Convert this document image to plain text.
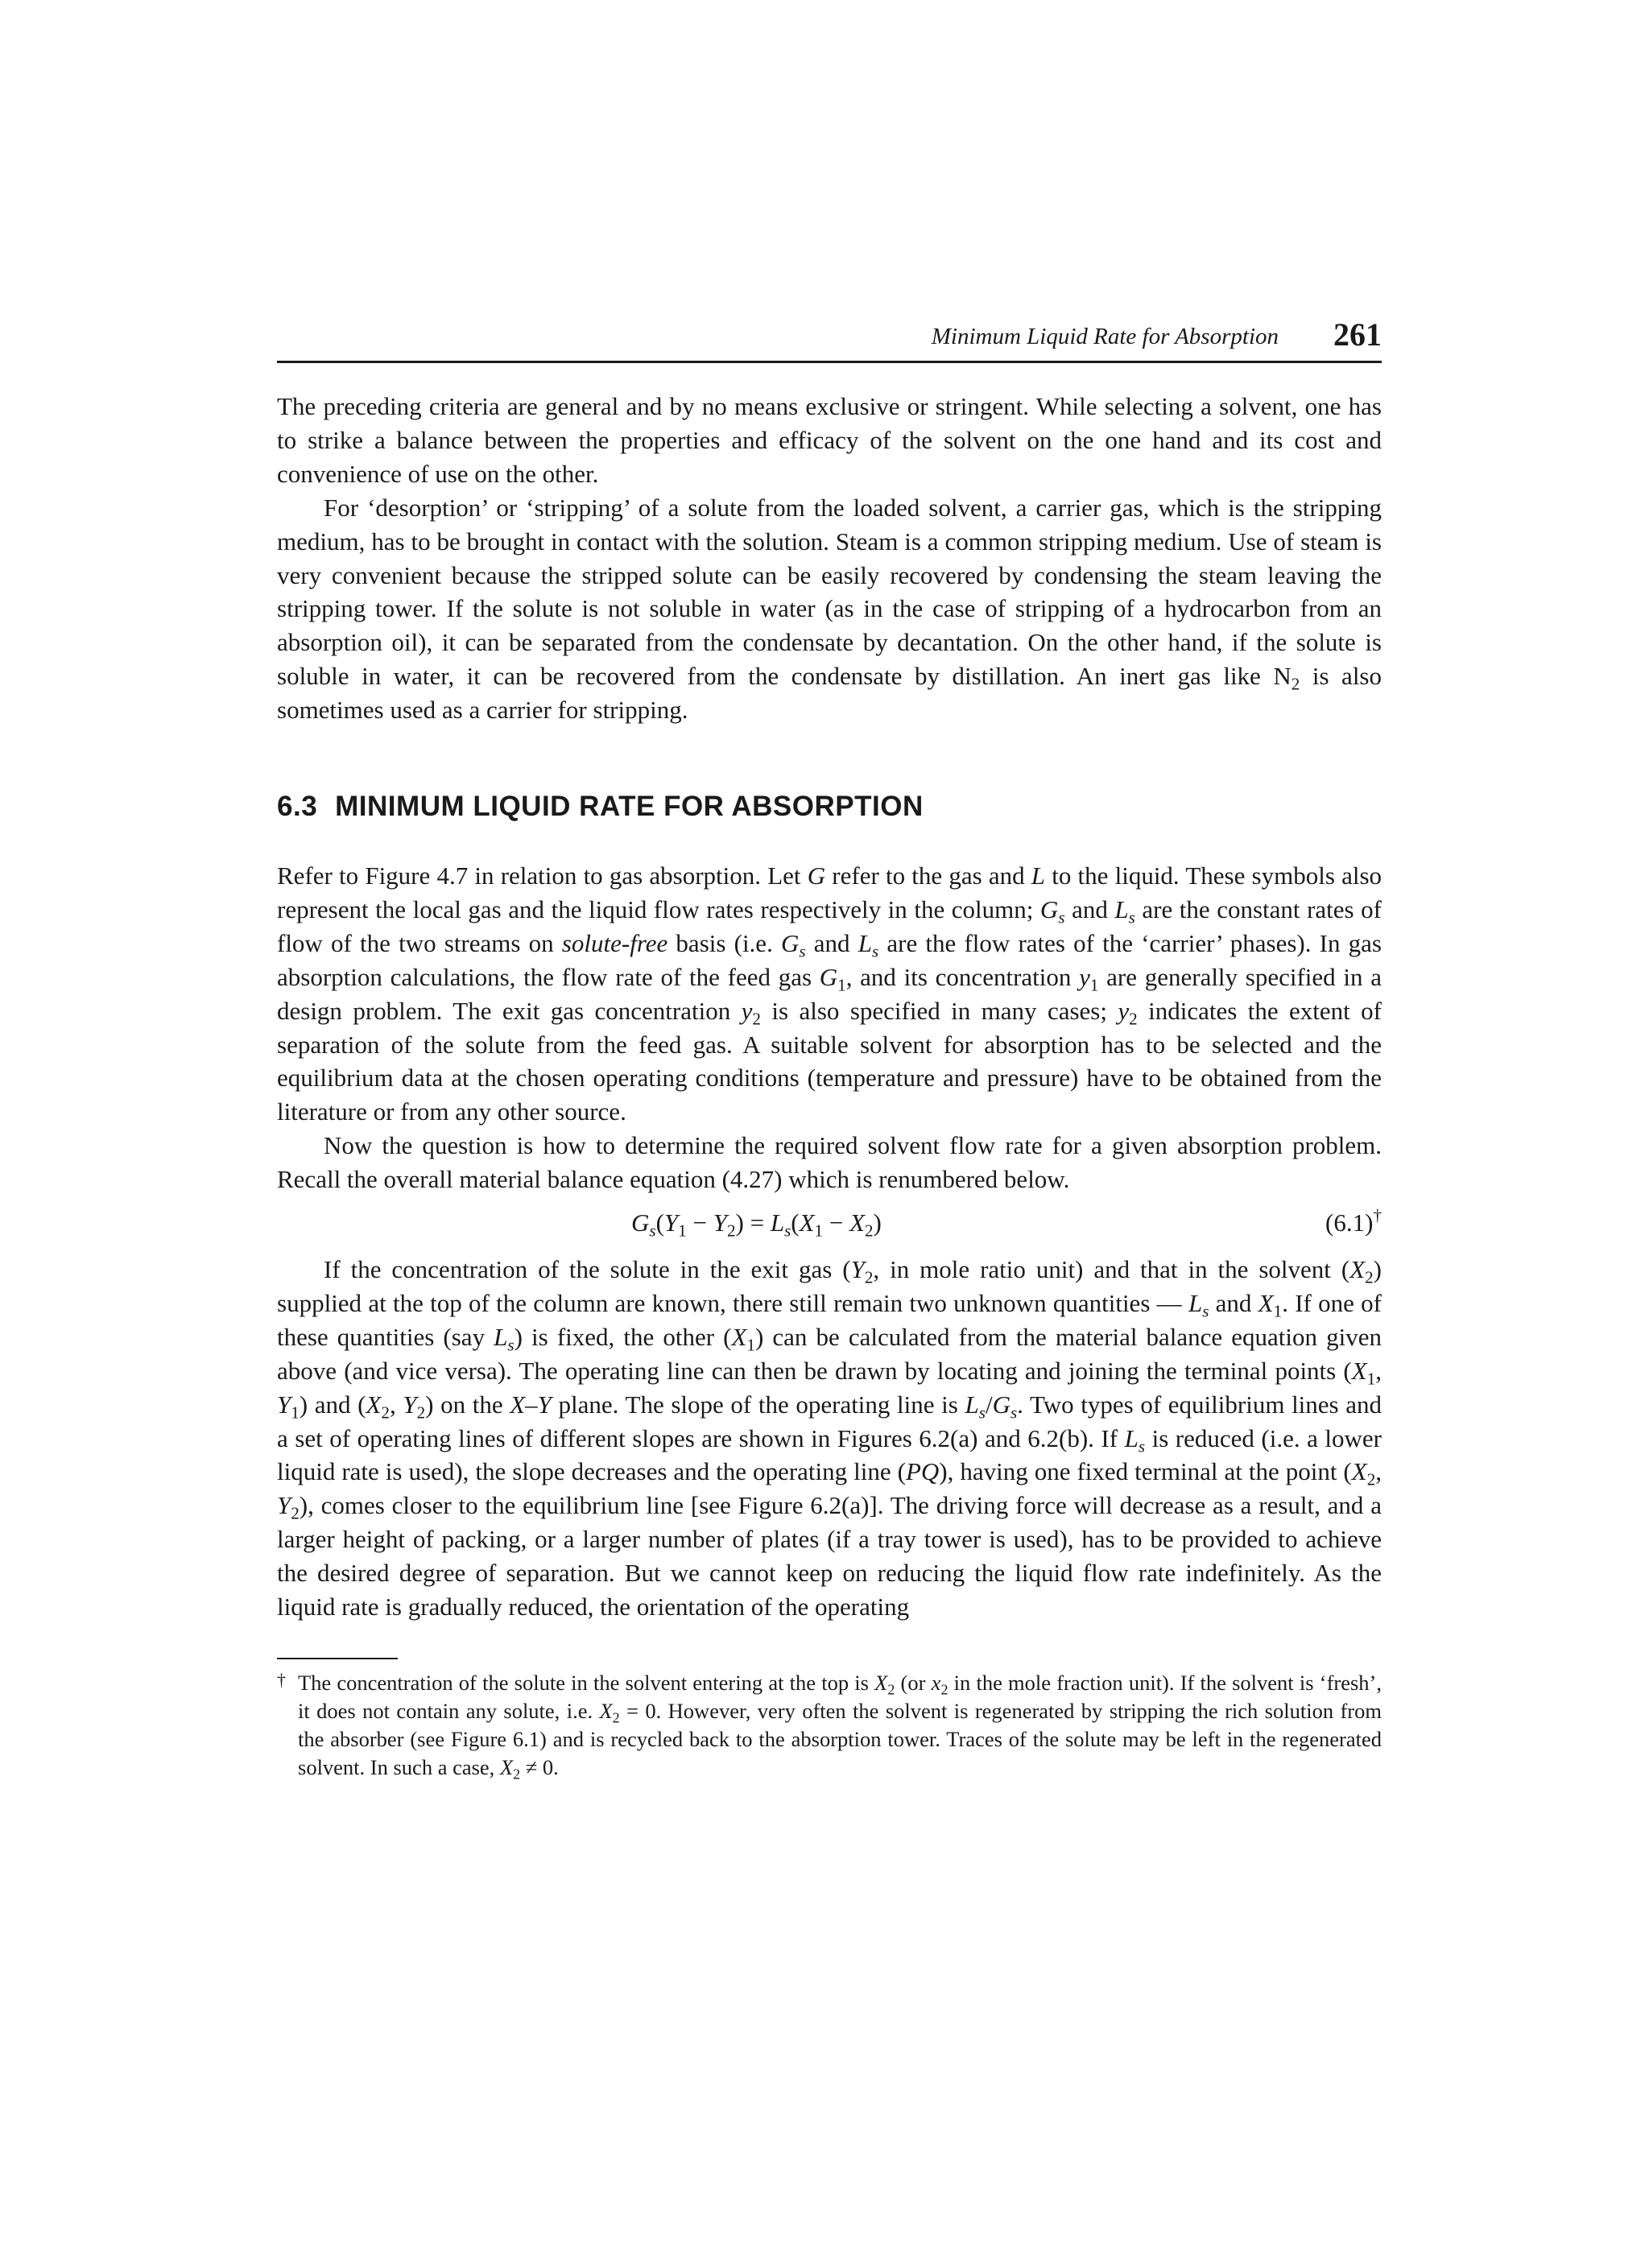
Minimum Liquid Rate for Absorption 261

The preceding criteria are general and by no means exclusive or stringent. While selecting a solvent, one has to strike a balance between the properties and efficacy of the solvent on the one hand and its cost and convenience of use on the other.

For ‘desorption’ or ‘stripping’ of a solute from the loaded solvent, a carrier gas, which is the stripping medium, has to be brought in contact with the solution. Steam is a common stripping medium. Use of steam is very convenient because the stripped solute can be easily recovered by condensing the steam leaving the stripping tower. If the solute is not soluble in water (as in the case of stripping of a hydrocarbon from an absorption oil), it can be separated from the condensate by decantation. On the other hand, if the solute is soluble in water, it can be recovered from the condensate by distillation. An inert gas like $N_2$ is also sometimes used as a carrier for stripping.

6.3 MINIMUM LIQUID RATE FOR ABSORPTION

Refer to Figure 4.7 in relation to gas absorption. Let G refer to the gas and L to the liquid. These symbols also represent the local gas and the liquid flow rates respectively in the column; $G_s$ and $L_s$ are the constant rates of flow of the two streams on solute-free basis (i.e. $G_s$ and $L_s$ are the flow rates of the ‘carrier’ phases). In gas absorption calculations, the flow rate of the feed gas $G_1$, and its concentration $y_1$ are generally specified in a design problem. The exit gas concentration $y_2$ is also specified in many cases; $y_2$ indicates the extent of separation of the solute from the feed gas. A suitable solvent for absorption has to be selected and the equilibrium data at the chosen operating conditions (temperature and pressure) have to be obtained from the literature or from any other source.

Now the question is how to determine the required solvent flow rate for a given absorption problem. Recall the overall material balance equation (4.27) which is renumbered below.

$G_s(Y_1 - Y_2) = L_s(X_1 - X_2)$	(6.1)†

If the concentration of the solute in the exit gas ($Y_2$, in mole ratio unit) and that in the solvent $(X_2)$ supplied at the top of the column are known, there still remain two unknown quantities — $L_s$ and $X_1$. If one of these quantities (say $L_s$) is fixed, the other $(X_1)$ can be calculated from the material balance equation given above (and vice versa). The operating line can then be drawn by locating and joining the terminal points ($X_1$, $Y_1$) and ($X_2$, $Y_2$) on the X–Y plane. The slope of the operating line is $L_s/G_s$. Two types of equilibrium lines and a set of operating lines of different slopes are shown in Figures 6.2(a) and 6.2(b). If $L_s$ is reduced (i.e. a lower liquid rate is used), the slope decreases and the operating line (PQ), having one fixed terminal at the point ($X_2$, $Y_2$), comes closer to the equilibrium line [see Figure 6.2(a)]. The driving force will decrease as a result, and a larger height of packing, or a larger number of plates (if a tray tower is used), has to be provided to achieve the desired degree of separation. But we cannot keep on reducing the liquid flow rate indefinitely. As the liquid rate is gradually reduced, the orientation of the operating

† The concentration of the solute in the solvent entering at the top is $X_2$ (or $x_2$ in the mole fraction unit). If the solvent is ‘fresh’, it does not contain any solute, i.e. $X_2 = 0$. However, very often the solvent is regenerated by stripping the rich solution from the absorber (see Figure 6.1) and is recycled back to the absorption tower. Traces of the solute may be left in the regenerated solvent. In such a case, $X_2 \ne 0$.
